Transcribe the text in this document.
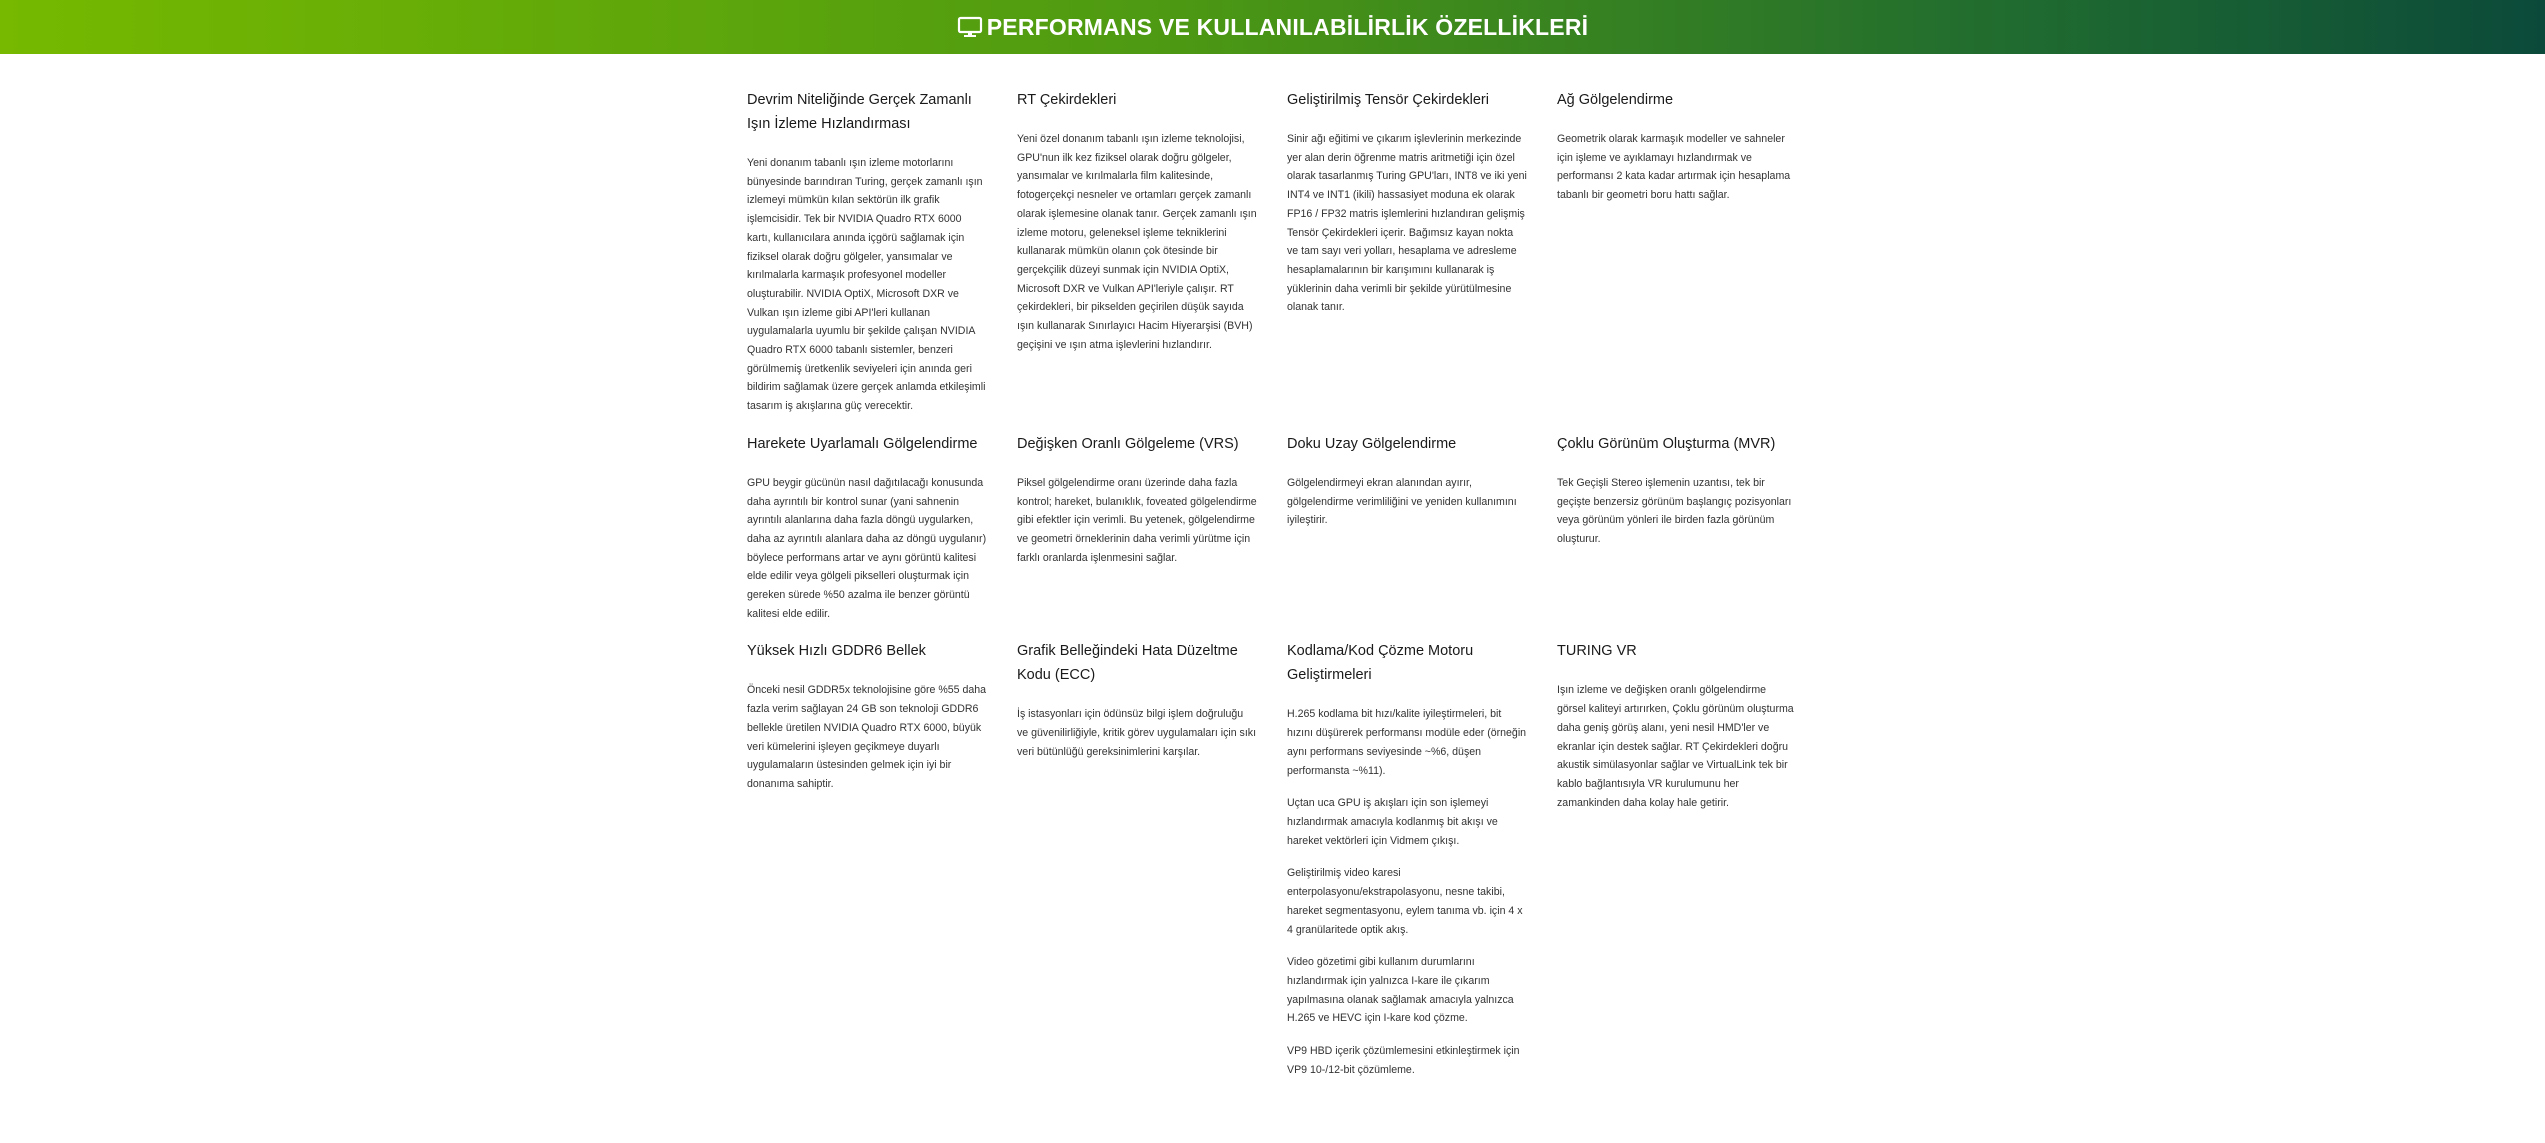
PERFORMANS VE KULLANILABİLİRLİK ÖZELLİKLERİ
Devrim Niteliğinde Gerçek Zamanlı Işın İzleme Hızlandırması
Yeni donanım tabanlı ışın izleme motorlarını bünyesinde barındıran Turing, gerçek zamanlı ışın izlemeyi mümkün kılan sektörün ilk grafik işlemcisidir. Tek bir NVIDIA Quadro RTX 6000 kartı, kullanıcılara anında içgörü sağlamak için fiziksel olarak doğru gölgeler, yansımalar ve kırılmalarla karmaşık profesyonel modeller oluşturabilir. NVIDIA OptiX, Microsoft DXR ve Vulkan ışın izleme gibi API'leri kullanan uygulamalarla uyumlu bir şekilde çalışan NVIDIA Quadro RTX 6000 tabanlı sistemler, benzeri görülmemiş üretkenlik seviyeleri için anında geri bildirim sağlamak üzere gerçek anlamda etkileşimli tasarım iş akışlarına güç verecektir.
RT Çekirdekleri
Yeni özel donanım tabanlı ışın izleme teknolojisi, GPU'nun ilk kez fiziksel olarak doğru gölgeler, yansımalar ve kırılmalarla film kalitesinde, fotogerçekçi nesneler ve ortamları gerçek zamanlı olarak işlemesine olanak tanır. Gerçek zamanlı ışın izleme motoru, geleneksel işleme tekniklerini kullanarak mümkün olanın çok ötesinde bir gerçekçilik düzeyi sunmak için NVIDIA OptiX, Microsoft DXR ve Vulkan API'leriyle çalışır. RT çekirdekleri, bir pikselden geçirilen düşük sayıda ışın kullanarak Sınırlayıcı Hacim Hiyerarşisi (BVH) geçişini ve ışın atma işlevlerini hızlandırır.
Geliştirilmiş Tensör Çekirdekleri
Sinir ağı eğitimi ve çıkarım işlevlerinin merkezinde yer alan derin öğrenme matris aritmetiği için özel olarak tasarlanmış Turing GPU'ları, INT8 ve iki yeni INT4 ve INT1 (ikili) hassasiyet moduna ek olarak FP16 / FP32 matris işlemlerini hızlandıran gelişmiş Tensör Çekirdekleri içerir. Bağımsız kayan nokta ve tam sayı veri yolları, hesaplama ve adresleme hesaplamalarının bir karışımını kullanarak iş yüklerinin daha verimli bir şekilde yürütülmesine olanak tanır.
Ağ Gölgelendirme
Geometrik olarak karmaşık modeller ve sahneler için işleme ve ayıklamayı hızlandırmak ve performansı 2 kata kadar artırmak için hesaplama tabanlı bir geometri boru hattı sağlar.
Harekete Uyarlamalı Gölgelendirme
GPU beygir gücünün nasıl dağıtılacağı konusunda daha ayrıntılı bir kontrol sunar (yani sahnenin ayrıntılı alanlarına daha fazla döngü uygularken, daha az ayrıntılı alanlara daha az döngü uygulanır) böylece performans artar ve aynı görüntü kalitesi elde edilir veya gölgeli pikselleri oluşturmak için gereken sürede %50 azalma ile benzer görüntü kalitesi elde edilir.
Değişken Oranlı Gölgeleme (VRS)
Piksel gölgelendirme oranı üzerinde daha fazla kontrol; hareket, bulanıklık, foveated gölgelendirme gibi efektler için verimli. Bu yetenek, gölgelendirme ve geometri örneklerinin daha verimli yürütme için farklı oranlarda işlenmesini sağlar.
Doku Uzay Gölgelendirme
Gölgelendirmeyi ekran alanından ayırır, gölgelendirme verimliliğini ve yeniden kullanımını iyileştirir.
Çoklu Görünüm Oluşturma (MVR)
Tek Geçişli Stereo işlemenin uzantısı, tek bir geçişte benzersiz görünüm başlangıç pozisyonları veya görünüm yönleri ile birden fazla görünüm oluşturur.
Yüksek Hızlı GDDR6 Bellek
Önceki nesil GDDR5x teknolojisine göre %55 daha fazla verim sağlayan 24 GB son teknoloji GDDR6 bellekle üretilen NVIDIA Quadro RTX 6000, büyük veri kümelerini işleyen geçikmeye duyarlı uygulamaların üstesinden gelmek için iyi bir donanıma sahiptir.
Grafik Belleğindeki Hata Düzeltme Kodu (ECC)
İş istasyonları için ödünsüz bilgi işlem doğruluğu ve güvenilirliğiyle, kritik görev uygulamaları için sıkı veri bütünlüğü gereksinimlerini karşılar.
Kodlama/Kod Çözme Motoru Geliştirmeleri
H.265 kodlama bit hızı/kalite iyileştirmeleri, bit hızını düşürerek performansı modüle eder (örneğin aynı performans seviyesinde ~%6, düşen performansta ~%11).
Uçtan uca GPU iş akışları için son işlemeyi hızlandırmak amacıyla kodlanmış bit akışı ve hareket vektörleri için Vidmem çıkışı.
Geliştirilmiş video karesi enterpolasyonu/ekstrapolasyonu, nesne takibi, hareket segmentasyonu, eylem tanıma vb. için 4 x 4 granülaritede optik akış.
Video gözetimi gibi kullanım durumlarını hızlandırmak için yalnızca I-kare ile çıkarım yapılmasına olanak sağlamak amacıyla yalnızca H.265 ve HEVC için I-kare kod çözme.
VP9 HBD içerik çözümlemesini etkinleştirmek için VP9 10-/12-bit çözümleme.
TURING VR
Işın izleme ve değişken oranlı gölgelendirme görsel kaliteyi artırırken, Çoklu görünüm oluşturma daha geniş görüş alanı, yeni nesil HMD'ler ve ekranlar için destek sağlar. RT Çekirdekleri doğru akustik simülasyonlar sağlar ve VirtualLink tek bir kablo bağlantısıyla VR kurulumunu her zamankinden daha kolay hale getirir.
